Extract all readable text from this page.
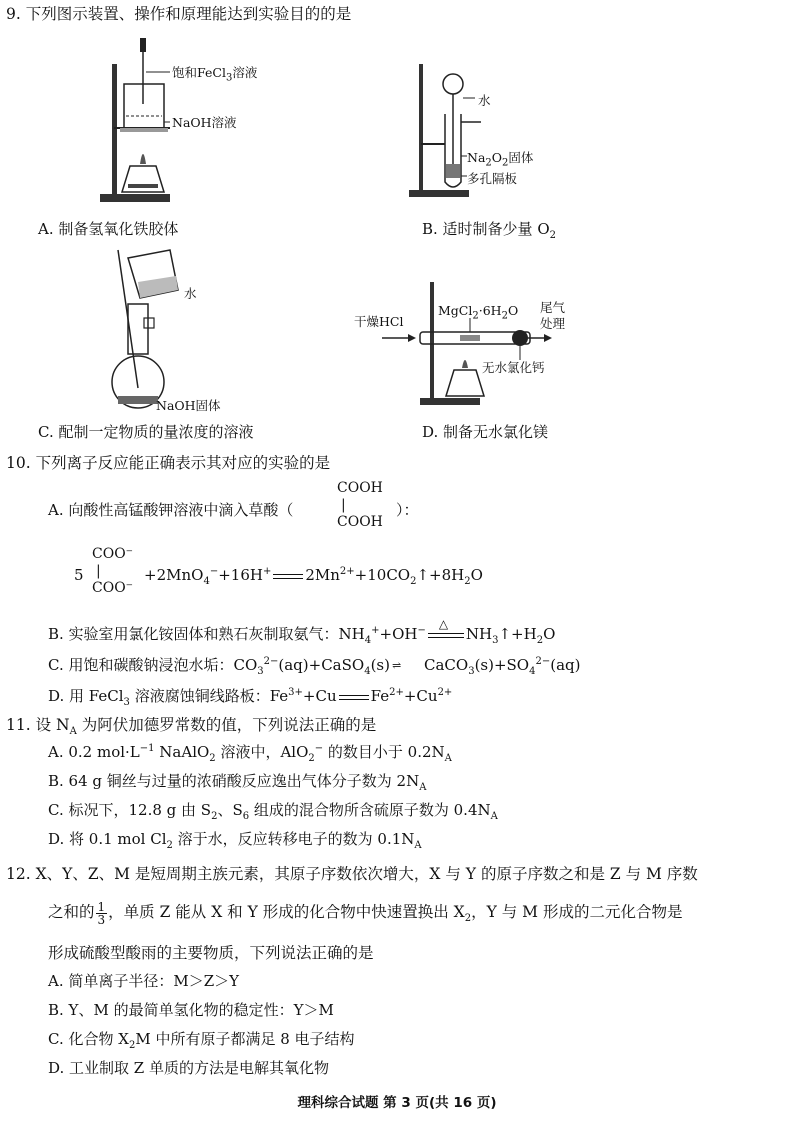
9. 下列图示装置、操作和原理能达到实验目的的是
饱和FeCl$_3$溶液
NaOH溶液
A. 制备氢氧化铁胶体
水
$Na_2O_2$固体
多孔隔板
B. 适时制备少量 $O_2$
水
NaOH固体
C. 配制一定物质的量浓度的溶液
干燥HCl
$MgCl_2\cdot 6H_2O$ 尾气
处理
无水氯化钙
D. 制备无水氯化镁
10. 下列离子反应能正确表示其对应的实验的是
A. 向酸性高锰酸钾溶液中滴入草酸（
COOH
|
COOH
）：
5
COO⁻
|
COO⁻
+2MnO$_4$−+16H+ $2Mn^{2+}+10CO_2↑+8H_2O$
B. 实验室用氯化铵固体和熟石灰制取氨气：$NH_4^++OH^-$ △
$NH_3↑+H_2O$
C. 用饱和碳酸钠浸泡水垢：$CO_3^{2-}(aq)+CaSO_4(s)$ ⇌ $CaCO_3(s)+SO_4^{2-}(aq)$
D. 用 FeCl$_3$ 溶液腐蚀铜线路板：$Fe^{3+}+Cu$ $Fe^{2+}+Cu^{2+}$
11. 设 $N_A$ 为阿伏加德罗常数的值，下列说法正确的是
A. 0.2 $mol\cdot L^{-1}$ NaAlO$_2$ 溶液中，AlO$_2$− 的数目小于 $0.2N_A$
B. 64 g 铜丝与过量的浓硝酸反应逸出气体分子数为 $2N_A$
C. 标况下，12.8 g 由 $S_2$、$S_6$ 组成的混合物所含硫原子数为 $0.4N_A$
D. 将 0.1 mol $Cl_2$ 溶于水，反应转移电子的数为 $0.1N_A$
12. X、Y、Z、M 是短周期主族元素，其原子序数依次增大，X 与 Y 的原子序数之和是 Z 与 M 序数
之和的 $\frac{1}{3}$ ，单质 Z 能从 X 和 Y 形成的化合物中快速置换出 $X_2$，Y 与 M 形成的二元化合物是
形成硫酸型酸雨的主要物质，下列说法正确的是
A. 简单离子半径：M＞Z＞Y
B. Y、M 的最简单氢化物的稳定性：Y＞M
C. 化合物 $X_2M$ 中所有原子都满足 8 电子结构
D. 工业制取 Z 单质的方法是电解其氧化物
理科综合试题 第 3 页(共 16 页)
